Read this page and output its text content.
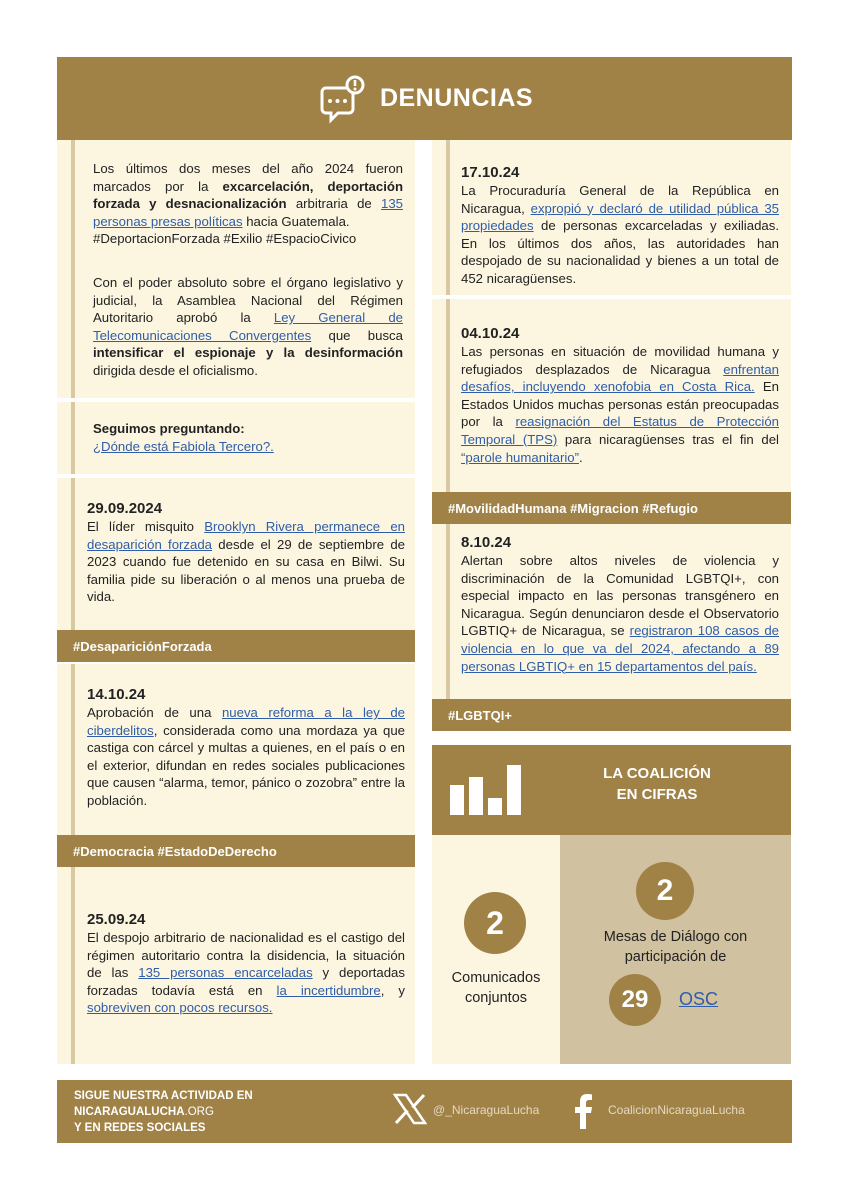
DENUNCIAS

Los últimos dos meses del año 2024 fueron marcados por la excarcelación, deportación forzada y desnacionalización arbitraria de 135 personas presas políticas hacia Guatemala.
#DeportacionForzada #Exilio #EspacioCivico

Con el poder absoluto sobre el órgano legislativo y judicial, la Asamblea Nacional del Régimen Autoritario aprobó la Ley General de Telecomunicaciones Convergentes que busca intensificar el espionaje y la desinformación dirigida desde el oficialismo.

Seguimos preguntando:
¿Dónde está Fabiola Tercero?.
29.09.2024

El líder misquito Brooklyn Rivera permanece en desaparición forzada desde el 29 de septiembre de 2023 cuando fue detenido en su casa en Bilwi. Su familia pide su liberación o al menos una prueba de vida.

#DesapariciónForzada
14.10.24

Aprobación de una nueva reforma a la ley de ciberdelitos, considerada como una mordaza ya que castiga con cárcel y multas a quienes, en el país o en el exterior, difundan en redes sociales publicaciones que causen “alarma, temor, pánico o zozobra” entre la población.

#Democracia #EstadoDeDerecho
25.09.24

El despojo arbitrario de nacionalidad es el castigo del régimen autoritario contra la disidencia, la situación de las 135 personas encarceladas y deportadas forzadas todavía está en la incertidumbre, y sobreviven con pocos recursos.

17.10.24

La Procuraduría General de la República en Nicaragua, expropió y declaró de utilidad pública 35 propiedades de personas excarceladas y exiliadas. En los últimos dos años, las autoridades han despojado de su nacionalidad y bienes a un total de 452 nicaragüenses.

04.10.24

Las personas en situación de movilidad humana y refugiados desplazados de Nicaragua enfrentan desafíos, incluyendo xenofobia en Costa Rica. En Estados Unidos muchas personas están preocupadas por la reasignación del Estatus de Protección Temporal (TPS) para nicaragüenses tras el fin del “parole humanitario”.

#MovilidadHumana #Migracion #Refugio
8.10.24

Alertan sobre altos niveles de violencia y discriminación de la Comunidad LGBTQI+, con especial impacto en las personas transgénero en Nicaragua. Según denunciaron desde el Observatorio LGBTIQ+ de Nicaragua, se registraron 108 casos de violencia en lo que va del 2024, afectando a 89 personas LGBTIQ+ en 15 departamentos del país.

#LGBTQI+
LA COALICIÓN
EN CIFRAS
2
Comunicados
conjuntos
2
Mesas de Diálogo con
participación de
29	OSC
SIGUE NUESTRA ACTIVIDAD EN
NICARAGUALUCHA.ORG
Y EN REDES SOCIALES
@_NicaraguaLucha	CoalicionNicaraguaLucha
